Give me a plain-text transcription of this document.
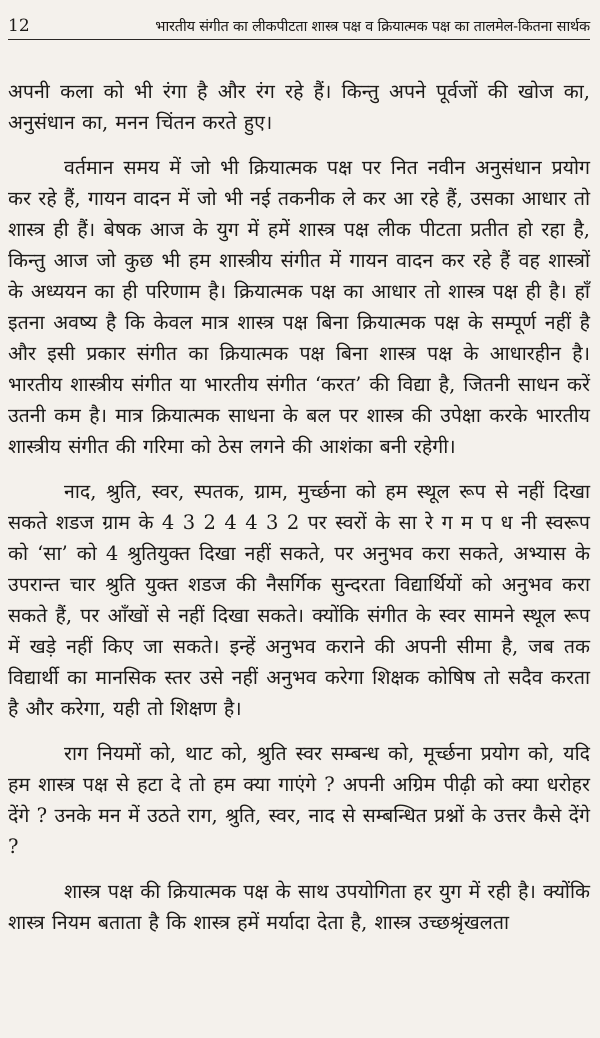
12	भारतीय संगीत का लीकपीटता शास्त्र पक्ष व क्रियात्मक पक्ष का तालमेल-कितना सार्थक

अपनी कला को भी रंगा है और रंग रहे हैं। किन्तु अपने पूर्वजों की खोज का, अनुसंधान का, मनन चिंतन करते हुए।

वर्तमान समय में जो भी क्रियात्मक पक्ष पर नित नवीन अनुसंधान प्रयोग कर रहे हैं, गायन वादन में जो भी नई तकनीक ले कर आ रहे हैं, उसका आधार तो शास्त्र ही हैं। बेषक आज के युग में हमें शास्त्र पक्ष लीक पीटता प्रतीत हो रहा है, किन्तु आज जो कुछ भी हम शास्त्रीय संगीत में गायन वादन कर रहे हैं वह शास्त्रों के अध्ययन का ही परिणाम है। क्रियात्मक पक्ष का आधार तो शास्त्र पक्ष ही है। हाँ इतना अवष्य है कि केवल मात्र शास्त्र पक्ष बिना क्रियात्मक पक्ष के सम्पूर्ण नहीं है और इसी प्रकार संगीत का क्रियात्मक पक्ष बिना शास्त्र पक्ष के आधारहीन है। भारतीय शास्त्रीय संगीत या भारतीय संगीत ‘करत’ की विद्या है, जितनी साधन करें उतनी कम है। मात्र क्रियात्मक साधना के बल पर शास्त्र की उपेक्षा करके भारतीय शास्त्रीय संगीत की गरिमा को ठेस लगने की आशंका बनी रहेगी।

नाद, श्रुति, स्वर, स्पतक, ग्राम, मुर्च्छना को हम स्थूल रूप से नहीं दिखा सकते शडज ग्राम के 4 3 2 4 4 3 2 पर स्वरों के सा रे ग म प ध नी स्वरूप को ‘सा’ को 4 श्रुतियुक्त दिखा नहीं सकते, पर अनुभव करा सकते, अभ्यास के उपरान्त चार श्रुति युक्त शडज की नैसर्गिक सुन्दरता विद्यार्थियों को अनुभव करा सकते हैं, पर आँखों से नहीं दिखा सकते। क्योंकि संगीत के स्वर सामने स्थूल रूप में खड़े नहीं किए जा सकते। इन्हें अनुभव कराने की अपनी सीमा है, जब तक विद्यार्थी का मानसिक स्तर उसे नहीं अनुभव करेगा शिक्षक कोषिष तो सदैव करता है और करेगा, यही तो शिक्षण है।

राग नियमों को, थाट को, श्रुति स्वर सम्बन्ध को, मूर्च्छना प्रयोग को, यदि हम शास्त्र पक्ष से हटा दे तो हम क्या गाएंगे ? अपनी अग्रिम पीढ़ी को क्या धरोहर देंगे ? उनके मन में उठते राग, श्रुति, स्वर, नाद से सम्बन्धित प्रश्नों के उत्तर कैसे देंगे ?

शास्त्र पक्ष की क्रियात्मक पक्ष के साथ उपयोगिता हर युग में रही है। क्योंकि शास्त्र नियम बताता है कि शास्त्र हमें मर्यादा देता है, शास्त्र उच्छश्रृंखलता
